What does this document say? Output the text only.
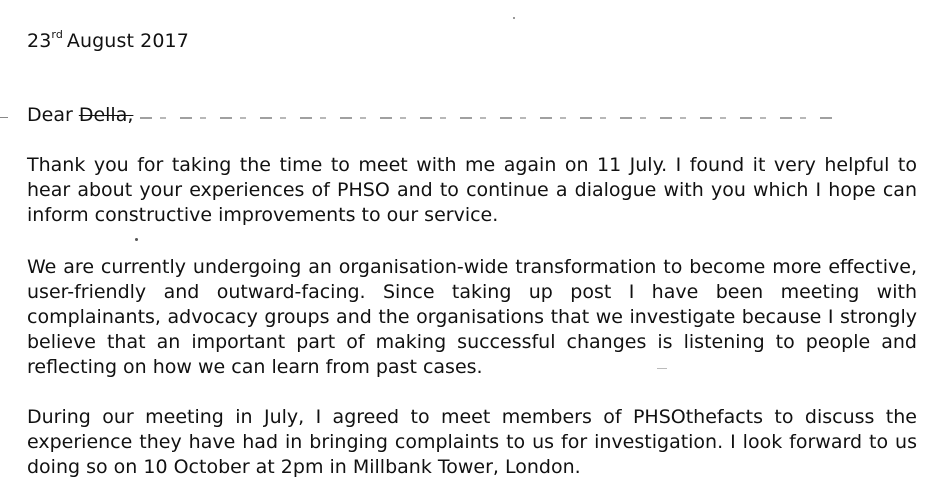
23rd August 2017
Dear Della,

Thank you for taking the time to meet with me again on 11 July. I found it very helpful to hear about your experiences of PHSO and to continue a dialogue with you which I hope can inform constructive improvements to our service.

We are currently undergoing an organisation-wide transformation to become more effective, user-friendly and outward-facing. Since taking up post I have been meeting with complainants, advocacy groups and the organisations that we investigate because I strongly believe that an important part of making successful changes is listening to people and reflecting on how we can learn from past cases.

During our meeting in July, I agreed to meet members of PHSOthefacts to discuss the experience they have had in bringing complaints to us for investigation. I look forward to us doing so on 10 October at 2pm in Millbank Tower, London.
